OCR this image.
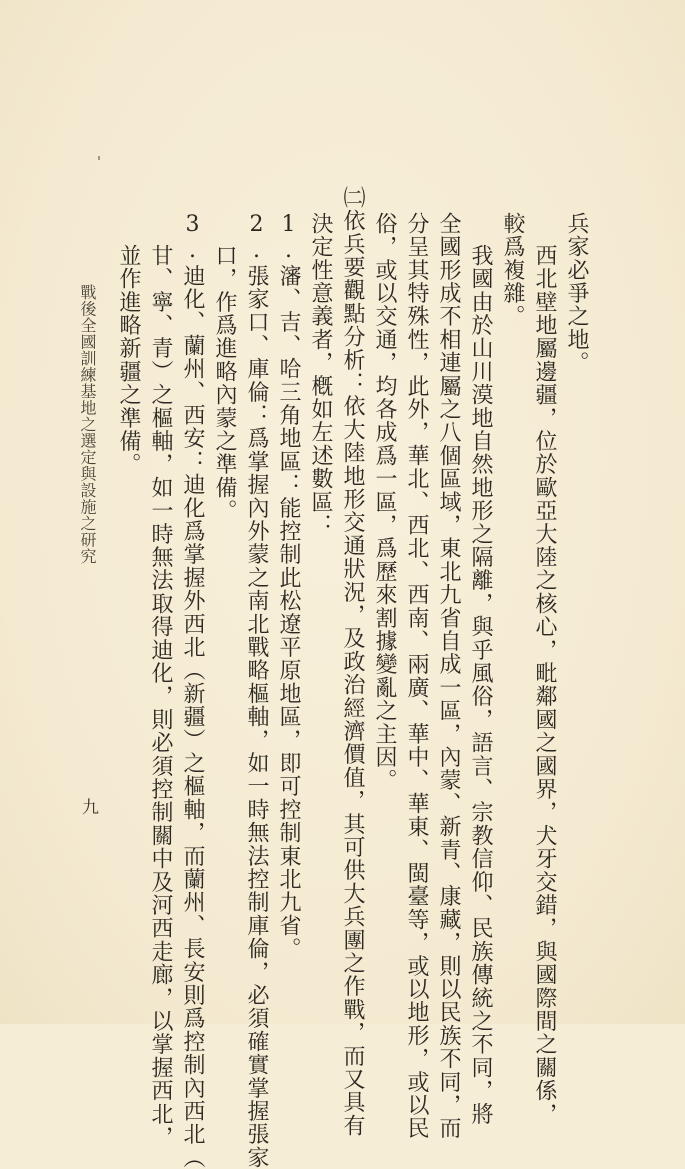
兵家必爭之地。
西北壁地屬邊疆，位於歐亞大陸之核心，毗鄰國之國界，犬牙交錯，與國際間之關係，
較爲複雜。
我國由於山川漠地自然地形之隔離，與乎風俗，語言、宗教信仰、民族傳統之不同，將
全國形成不相連屬之八個區域，東北九省自成一區，內蒙、新青、康藏，則以民族不同，而
分呈其特殊性，此外，華北、西北、西南、兩廣、華中、華東、閩臺等，或以地形，或以民
俗，或以交通，均各成爲一區，爲歷來割據變亂之主因。
㈡依兵要觀點分析：依大陸地形交通狀況，及政治經濟價值，其可供大兵團之作戰，而又具有
決定性意義者，槪如左述數區：
1.瀋、吉、哈三角地區：能控制此松遼平原地區，即可控制東北九省。
2.張家口、庫倫：爲掌握內外蒙之南北戰略樞軸，如一時無法控制庫倫，必須確實掌握張家
口，作爲進略內蒙之準備。
3.迪化、蘭州、西安：迪化爲掌握外西北（新疆）之樞軸，而蘭州、長安則爲控制內西北（
甘、寧、青）之樞軸，如一時無法取得迪化，則必須控制關中及河西走廊，以掌握西北，
並作進略新疆之準備。
戰後全國訓練基地之選定與設施之研究
九
